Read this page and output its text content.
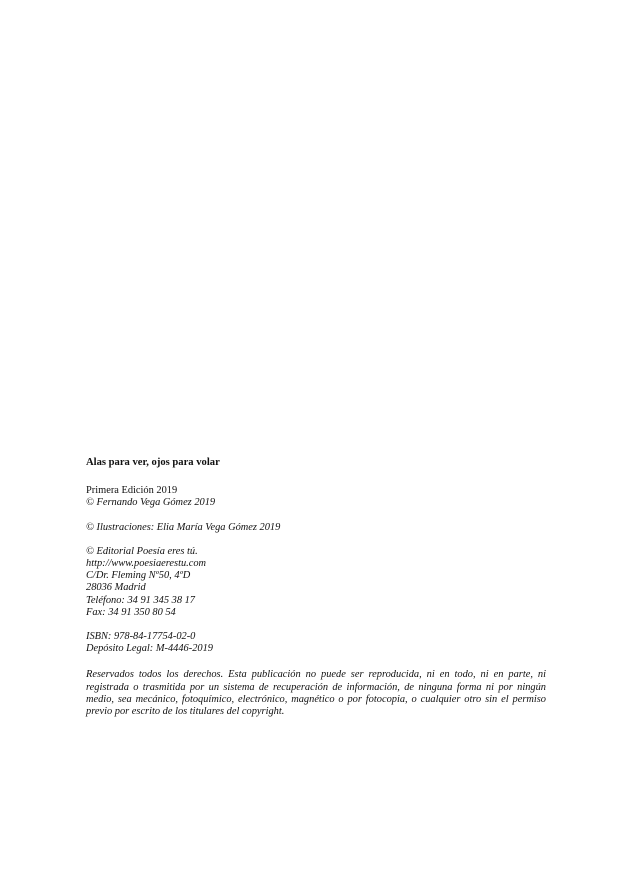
Alas para ver, ojos para volar
Primera Edición 2019
© Fernando Vega Gómez 2019
© Ilustraciones: Elia María Vega Gómez 2019
© Editorial Poesía eres tú.
http://www.poesiaerestu.com
C/Dr. Fleming Nº50, 4ºD
28036 Madrid
Teléfono: 34 91 345 38 17
Fax: 34 91 350 80 54
ISBN: 978-84-17754-02-0
Depósito Legal: M-4446-2019
Reservados todos los derechos. Esta publicación no puede ser reproducida, ni en todo, ni en parte, ni registrada o trasmitida por un sistema de recuperación de información, de ninguna forma ni por ningún medio, sea mecánico, fotoquímico, electrónico, magnético o por fotocopia, o cualquier otro sin el permiso previo por escrito de los titulares del copyright.
